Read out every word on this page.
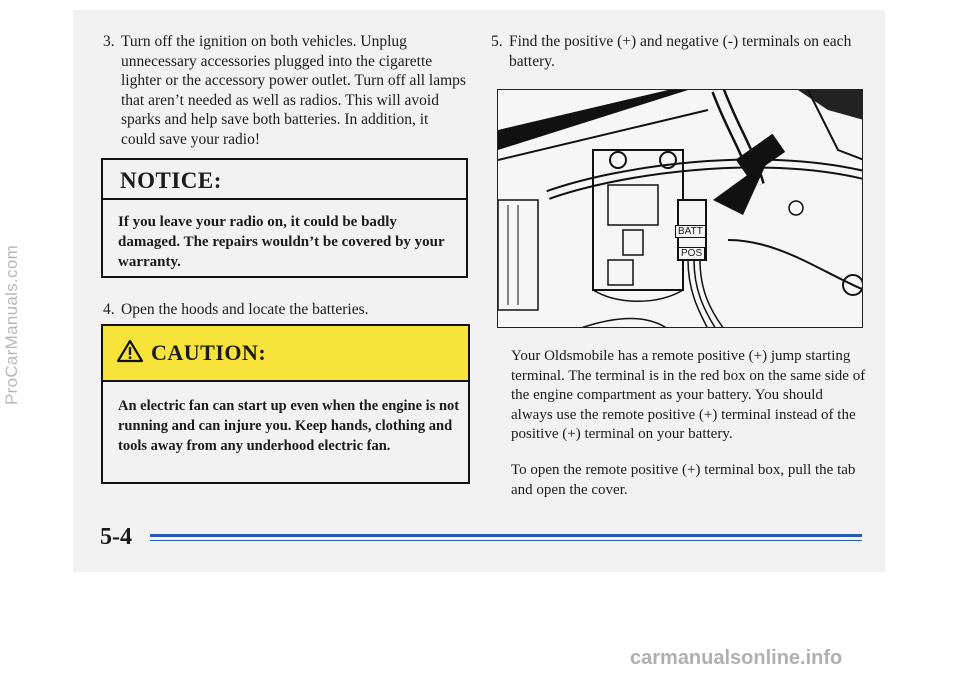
3. Turn off the ignition on both vehicles. Unplug unnecessary accessories plugged into the cigarette lighter or the accessory power outlet. Turn off all lamps that aren’t needed as well as radios. This will avoid sparks and help save both batteries. In addition, it could save your radio!
NOTICE:
If you leave your radio on, it could be badly damaged. The repairs wouldn’t be covered by your warranty.
4. Open the hoods and locate the batteries.
CAUTION:
An electric fan can start up even when the engine is not running and can injure you. Keep hands, clothing and tools away from any underhood electric fan.
5. Find the positive (+) and negative (-) terminals on each battery.
BATT
POS
Your Oldsmobile has a remote positive (+) jump starting terminal. The terminal is in the red box on the same side of the engine compartment as your battery. You should always use the remote positive (+) terminal instead of the positive (+) terminal on your battery.
To open the remote positive (+) terminal box, pull the tab and open the cover.
5-4
ProCarManuals.com
carmanualsonline.info
